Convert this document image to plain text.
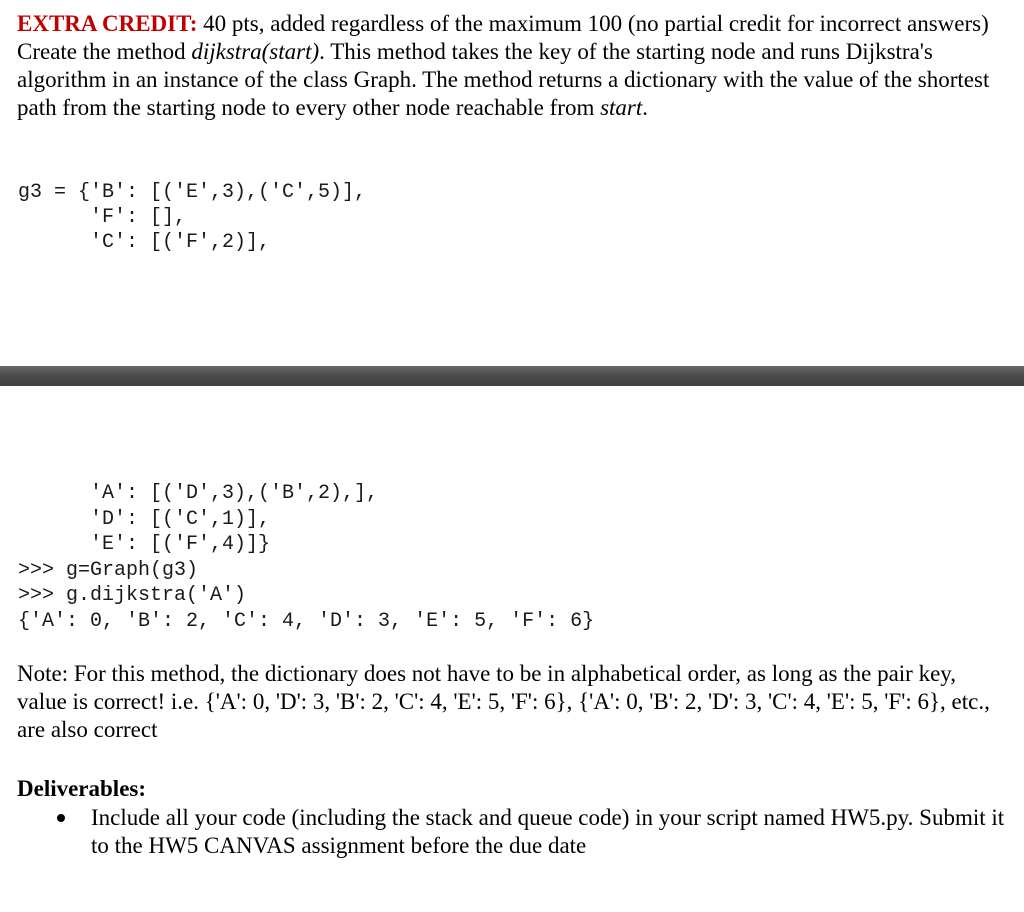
EXTRA CREDIT: 40 pts, added regardless of the maximum 100 (no partial credit for incorrect answers)
Create the method dijkstra(start). This method takes the key of the starting node and runs Dijkstra's algorithm in an instance of the class Graph. The method returns a dictionary with the value of the shortest path from the starting node to every other node reachable from start.

g3 = {'B': [('E',3),('C',5)],
'F': [],
'C': [('F',2)],
'A': [('D',3),('B',2),],
'D': [('C',1)],
'E': [('F',4)]}
>>> g=Graph(g3)
>>> g.dijkstra('A')
{'A': 0, 'B': 2, 'C': 4, 'D': 3, 'E': 5, 'F': 6}

Note: For this method, the dictionary does not have to be in alphabetical order, as long as the pair key, value is correct! i.e. {'A': 0, 'D': 3, 'B': 2, 'C': 4, 'E': 5, 'F': 6}, {'A': 0, 'B': 2, 'D': 3, 'C': 4, 'E': 5, 'F': 6}, etc., are also correct

Deliverables:

Include all your code (including the stack and queue code) in your script named HW5.py. Submit it to the HW5 CANVAS assignment before the due date
